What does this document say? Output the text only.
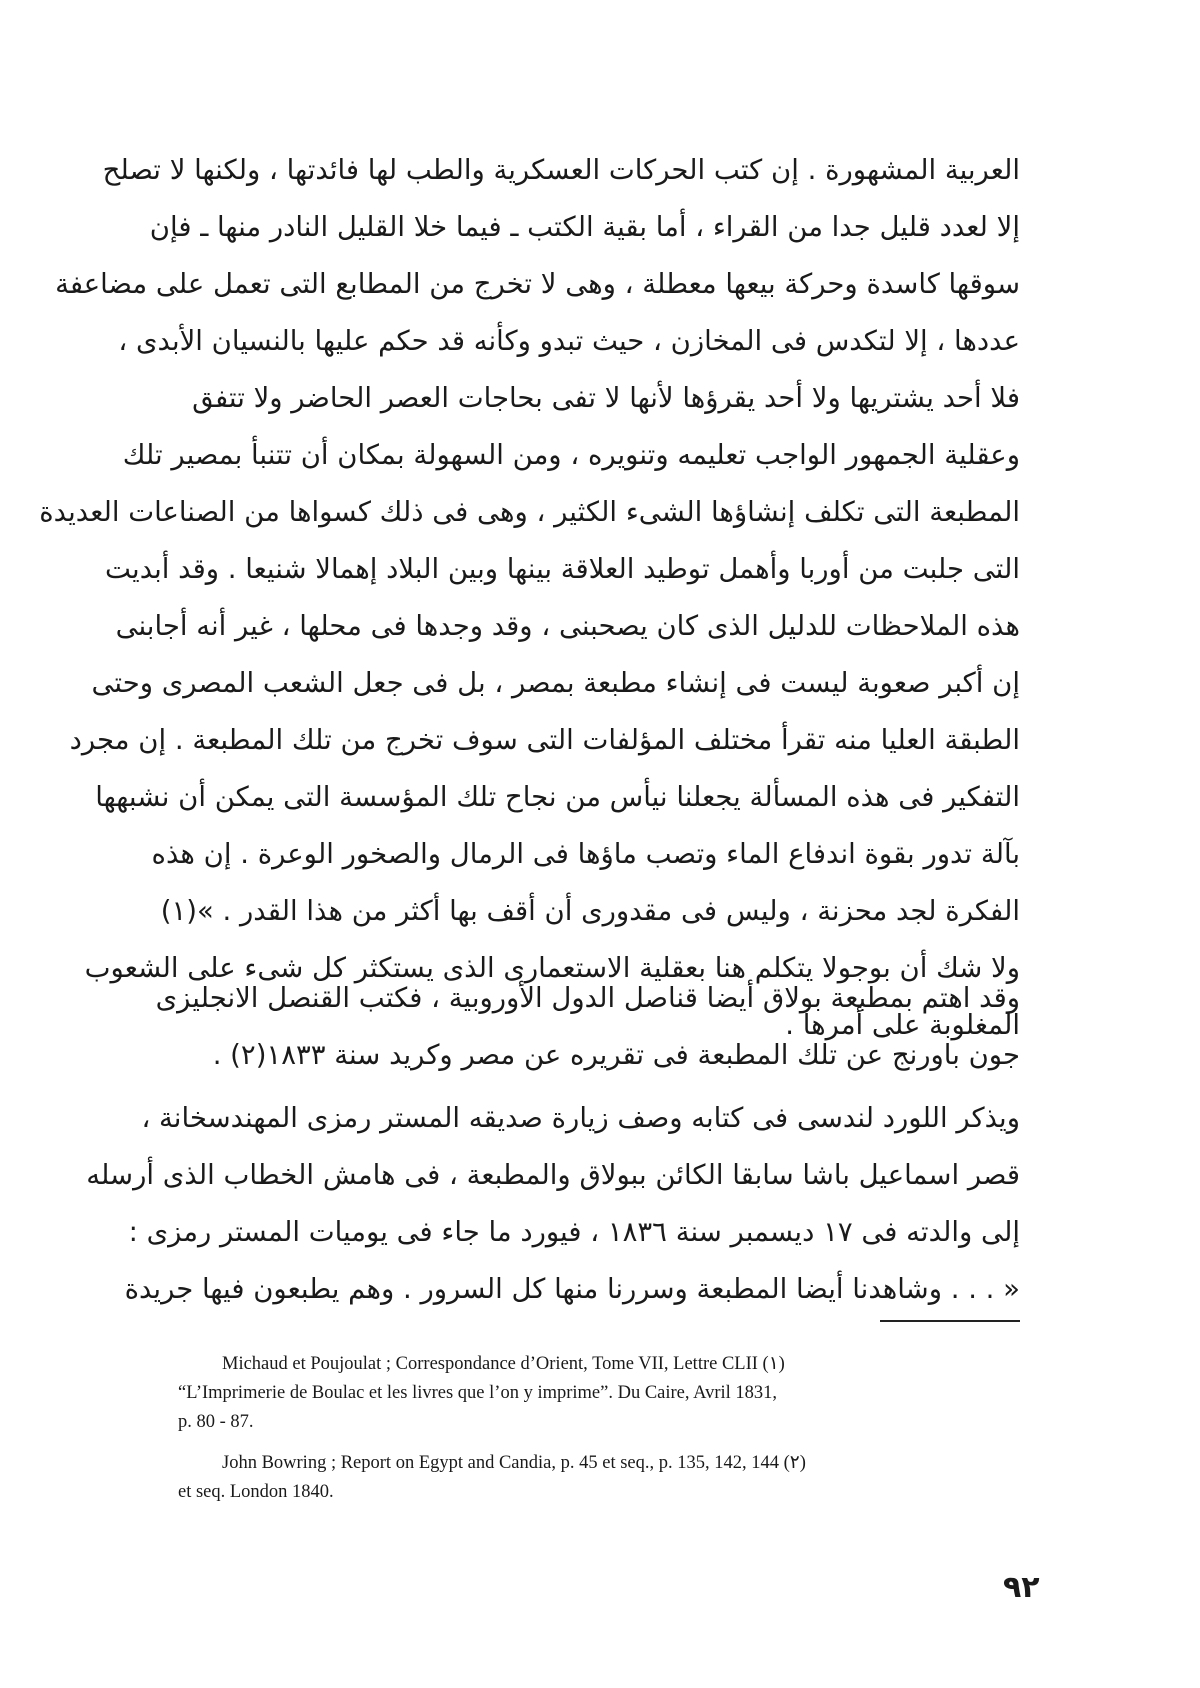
العربية المشهورة . إن كتب الحركات العسكرية والطب لها فائدتها ، ولكنها لا تصلح
إلا لعدد قليل جدا من القراء ، أما بقية الكتب ـ فيما خلا القليل النادر منها ـ فإن
سوقها كاسدة وحركة بيعها معطلة ، وهى لا تخرج من المطابع التى تعمل على مضاعفة
عددها ، إلا لتكدس فى المخازن ، حيث تبدو وكأنه قد حكم عليها بالنسيان الأبدى ،
فلا أحد يشتريها ولا أحد يقرؤها لأنها لا تفى بحاجات العصر الحاضر ولا تتفق
وعقلية الجمهور الواجب تعليمه وتنويره ، ومن السهولة بمكان أن تتنبأ بمصير تلك
المطبعة التى تكلف إنشاؤها الشىء الكثير ، وهى فى ذلك كسواها من الصناعات العديدة
التى جلبت من أوربا وأهمل توطيد العلاقة بينها وبين البلاد إهمالا شنيعا . وقد أبديت
هذه الملاحظات للدليل الذى كان يصحبنى ، وقد وجدها فى محلها ، غير أنه أجابنى
إن أكبر صعوبة ليست فى إنشاء مطبعة بمصر ، بل فى جعل الشعب المصرى وحتى
الطبقة العليا منه تقرأ مختلف المؤلفات التى سوف تخرج من تلك المطبعة . إن مجرد
التفكير فى هذه المسألة يجعلنا نيأس من نجاح تلك المؤسسة التى يمكن أن نشبهها
بآلة تدور بقوة اندفاع الماء وتصب ماؤها فى الرمال والصخور الوعرة . إن هذه
الفكرة لجد محزنة ، وليس فى مقدورى أن أقف بها أكثر من هذا القدر . »(١)
ولا شك أن بوجولا يتكلم هنا بعقلية الاستعمارى الذى يستكثر كل شىء على الشعوب
المغلوبة على أمرها .
وقد اهتم بمطبعة بولاق أيضا قناصل الدول الأوروبية ، فكتب القنصل الانجليزى
جون باورنج عن تلك المطبعة فى تقريره عن مصر وكريد سنة ١٨٣٣(٢) .
ويذكر اللورد لندسى فى كتابه وصف زيارة صديقه المستر رمزى المهندسخانة ،
قصر اسماعيل باشا سابقا الكائن ببولاق والمطبعة ، فى هامش الخطاب الذى أرسله
إلى والدته فى ١٧ ديسمبر سنة ١٨٣٦ ، فيورد ما جاء فى يوميات المستر رمزى :
« . . . وشاهدنا أيضا المطبعة وسررنا منها كل السرور . وهم يطبعون فيها جريدة
Michaud et Poujoulat ; Correspondance d’Orient, Tome VII, Lettre CLII (١)
“L’Imprimerie de Boulac et les livres que l’on y imprime”. Du Caire, Avril 1831,
p. 80 - 87.
John Bowring ; Report on Egypt and Candia, p. 45 et seq., p. 135, 142, 144 (٢)
et seq. London 1840.
٩٢
